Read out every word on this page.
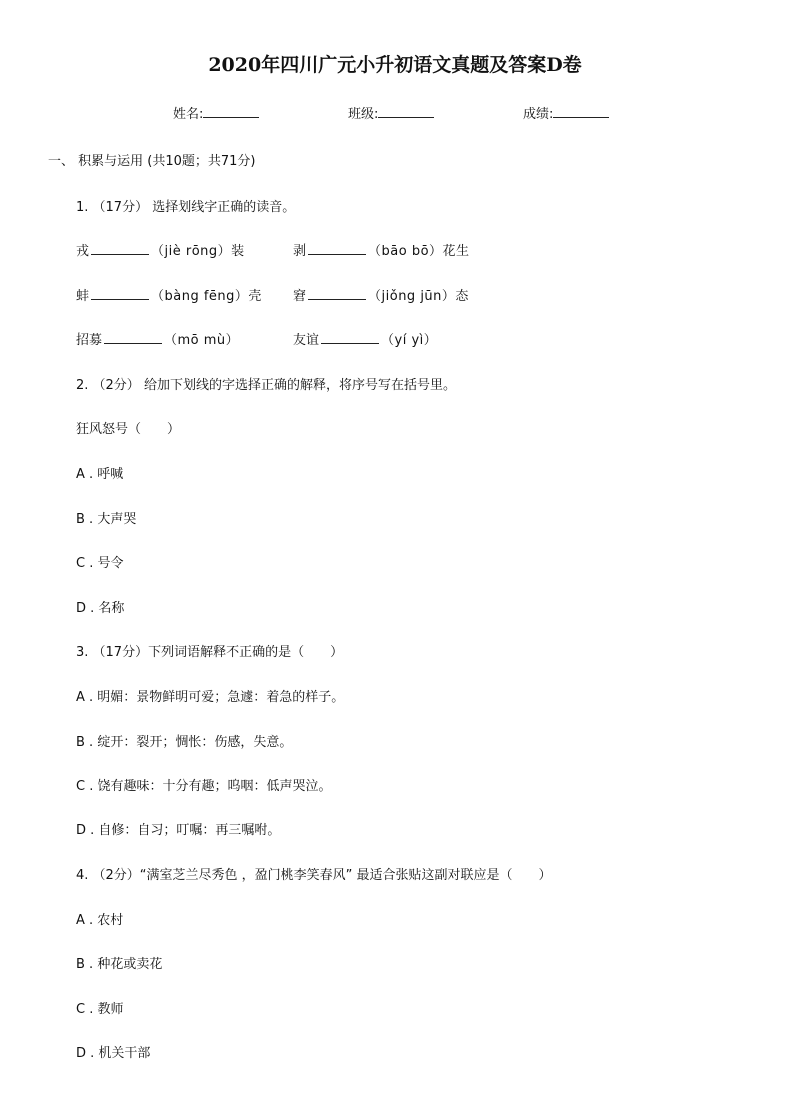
2020年四川广元小升初语文真题及答案D卷
姓名:	班级:	成绩:
一、 积累与运用 (共10题；共71分)
1. （17分） 选择划线字正确的读音。
戎	（jiè rōng）装	剥	（bāo bō）花生
蚌	（bàng fēng）壳 窘	（jiǒng jūn）态
招募	（mō mù）	友谊	（yí yì）
2. （2分） 给加下划线的字选择正确的解释，将序号写在括号里。
狂风怒号（　　）
A . 呼喊
B . 大声哭
C . 号令
D . 名称
3. （17分）下列词语解释不正确的是（　　）
A . 明媚：景物鲜明可爱；急遽：着急的样子。
B . 绽开：裂开；惆怅：伤感，失意。
C . 饶有趣味：十分有趣；呜咽：低声哭泣。
D . 自修：自习；叮嘱：再三嘱咐。
4. （2分）“满室芝兰尽秀色 ，盈门桃李笑春风” 最适合张贴这副对联应是（　　）
A . 农村
B . 种花或卖花
C . 教师
D . 机关干部
